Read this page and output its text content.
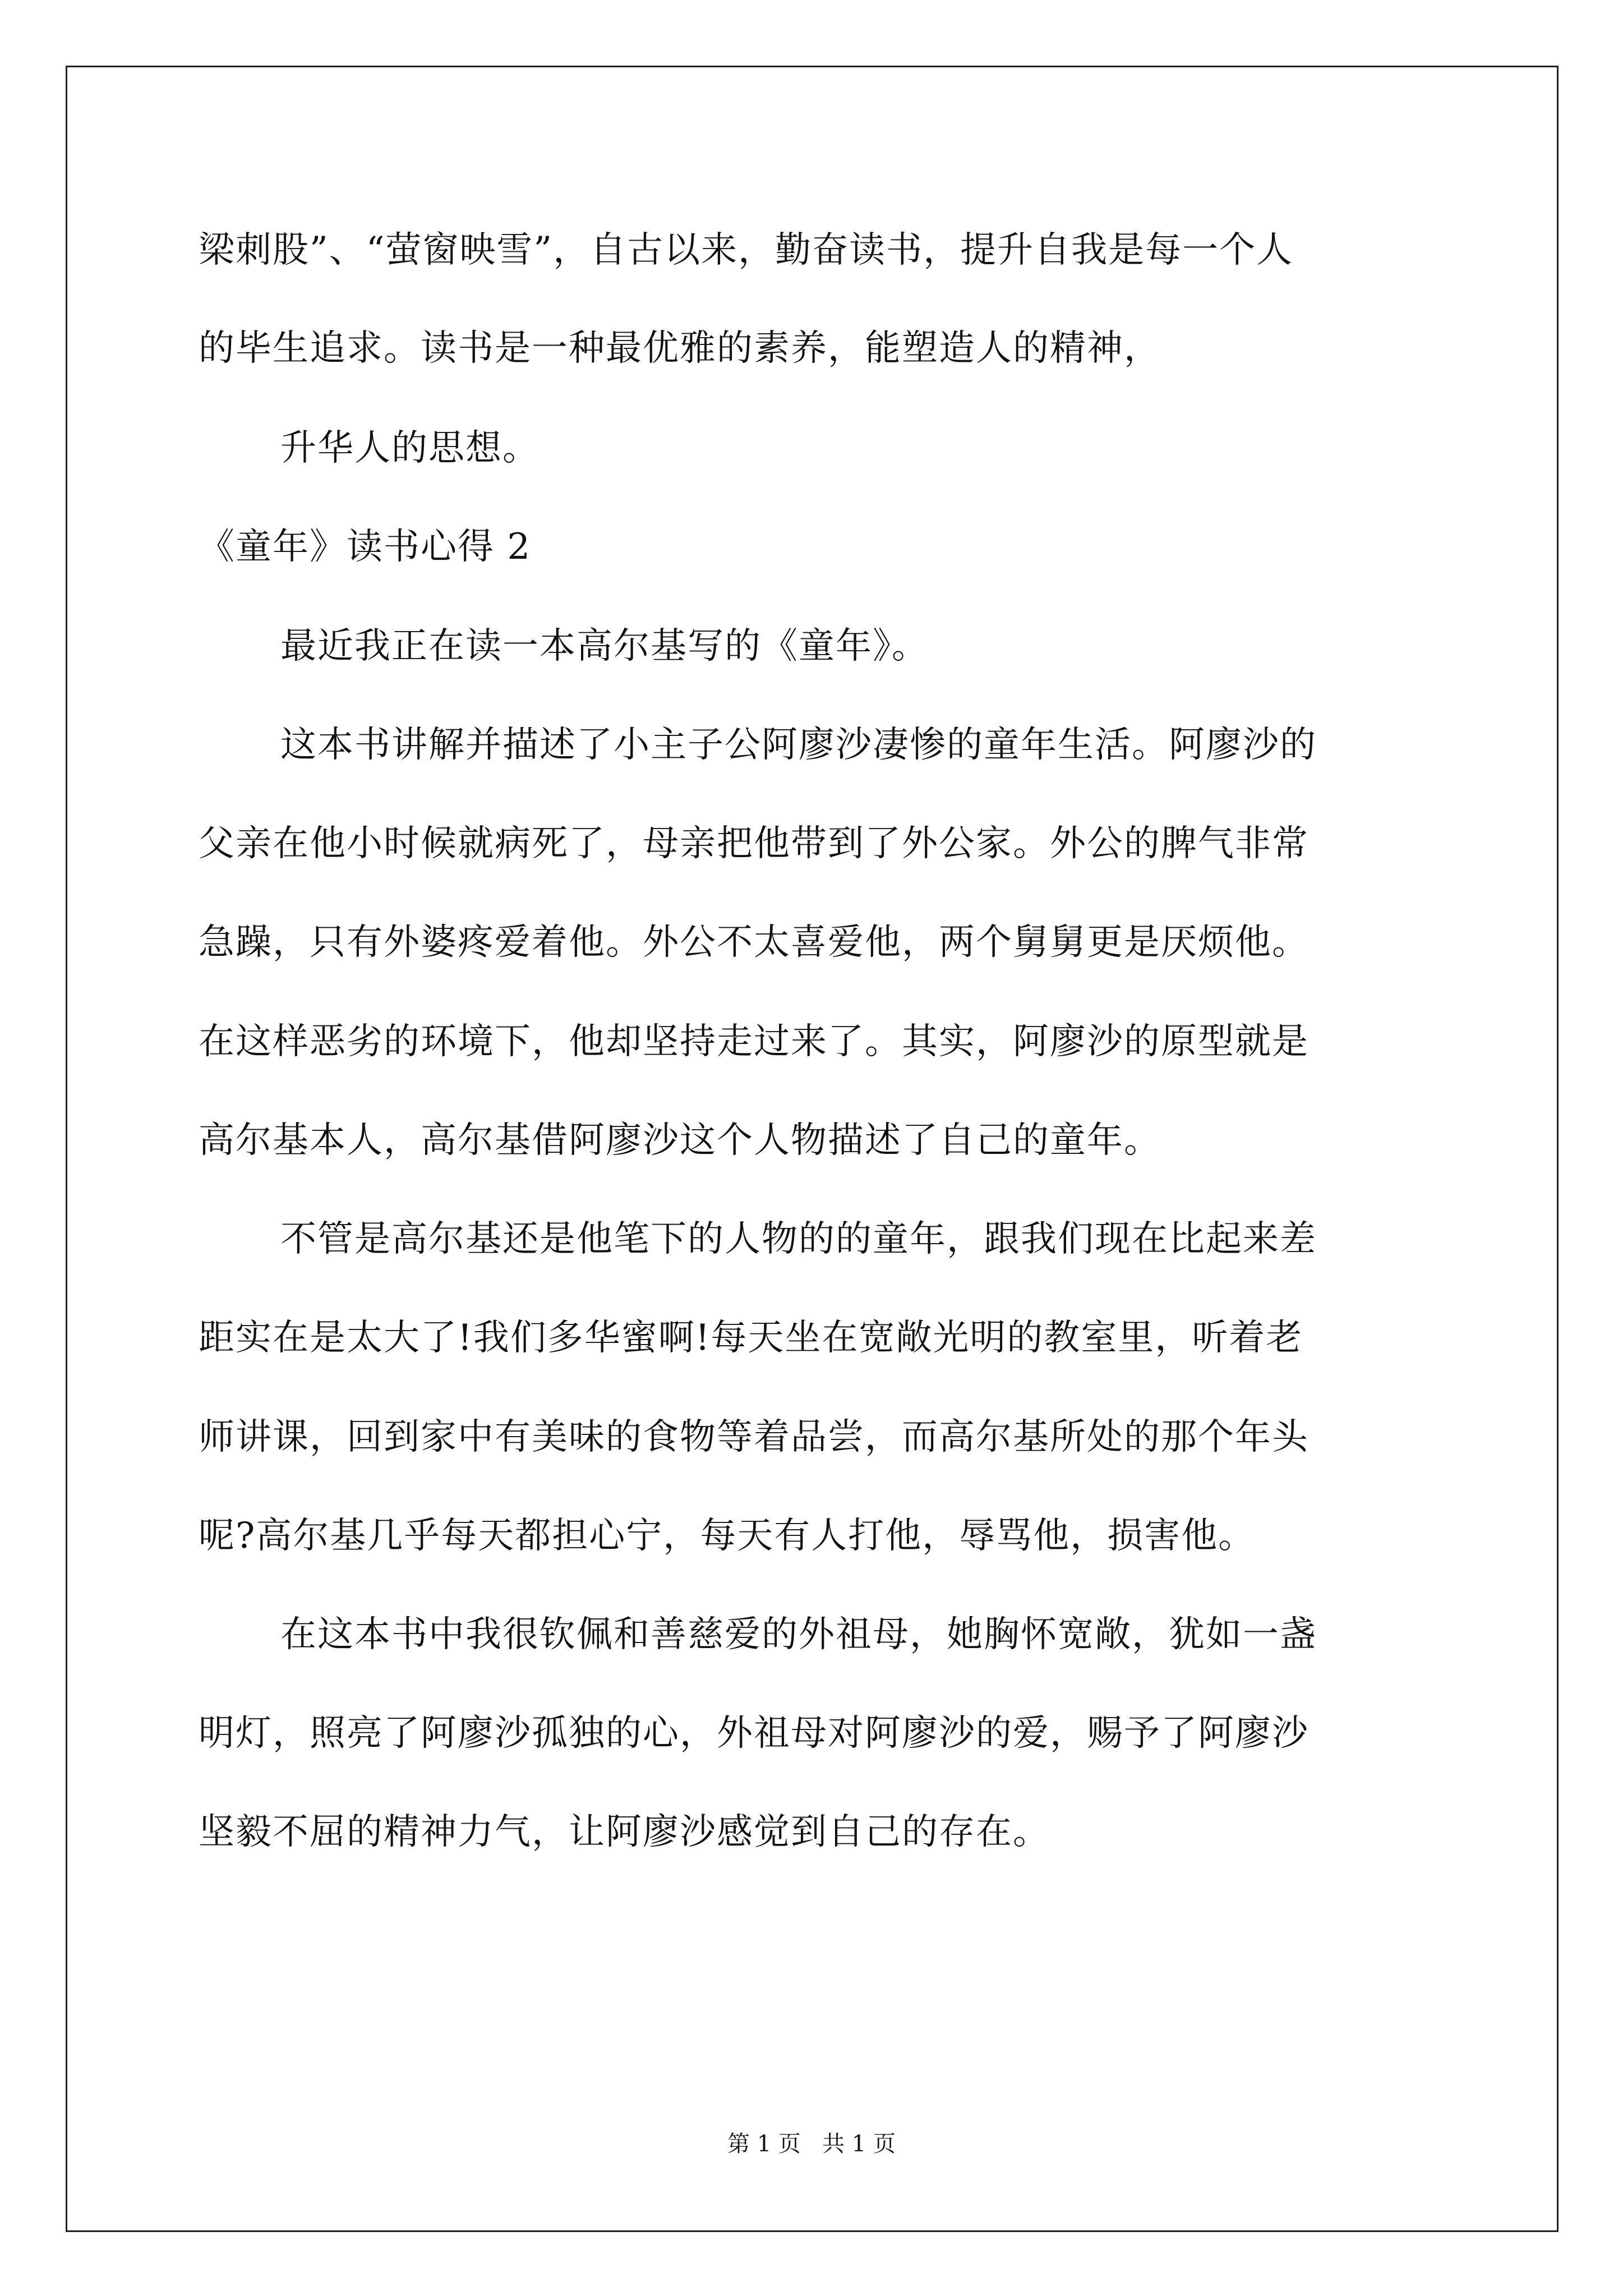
梁刺股”、“萤窗映雪”，自古以来，勤奋读书，提升自我是每一个人
的毕生追求。读书是一种最优雅的素养，能塑造人的精神，
升华人的思想。
《童年》读书心得 2
最近我正在读一本高尔基写的《童年》。
这本书讲解并描述了小主子公阿廖沙凄惨的童年生活。阿廖沙的
父亲在他小时候就病死了，母亲把他带到了外公家。外公的脾气非常
急躁，只有外婆疼爱着他。外公不太喜爱他，两个舅舅更是厌烦他。
在这样恶劣的环境下，他却坚持走过来了。其实，阿廖沙的原型就是
高尔基本人，高尔基借阿廖沙这个人物描述了自己的童年。
不管是高尔基还是他笔下的人物的的童年，跟我们现在比起来差
距实在是太大了!我们多华蜜啊!每天坐在宽敞光明的教室里，听着老
师讲课，回到家中有美味的食物等着品尝，而高尔基所处的那个年头
呢?高尔基几乎每天都担心宁，每天有人打他，辱骂他，损害他。
在这本书中我很钦佩和善慈爱的外祖母，她胸怀宽敞，犹如一盏
明灯，照亮了阿廖沙孤独的心，外祖母对阿廖沙的爱，赐予了阿廖沙
坚毅不屈的精神力气，让阿廖沙感觉到自己的存在。
第 1 页   共 1 页
